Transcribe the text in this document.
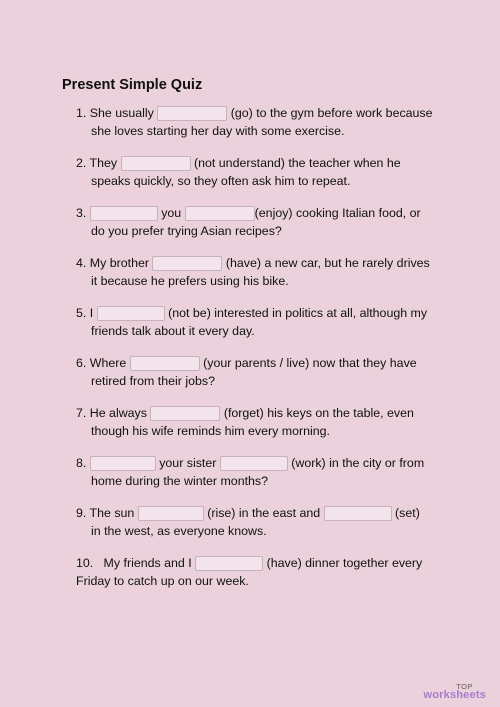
Present Simple Quiz
1. She usually	(go) to the gym before work because
she loves starting her day with some exercise.
2. They	(not understand) the teacher when he
speaks quickly, so they often ask him to repeat.
3.	you	(enjoy) cooking Italian food, or
do you prefer trying Asian recipes?
4. My brother	(have) a new car, but he rarely drives
it because he prefers using his bike.
5. I	(not be) interested in politics at all, although my
friends talk about it every day.
6. Where	(your parents / live) now that they have
retired from their jobs?
7. He always	(forget) his keys on the table, even
though his wife reminds him every morning.
8.	your sister	(work) in the city or from
home during the winter months?
9. The sun	(rise) in the east and	(set)
in the west, as everyone knows.
10.   My friends and I	(have) dinner together every
Friday to catch up on our week.
TOP
worksheets
